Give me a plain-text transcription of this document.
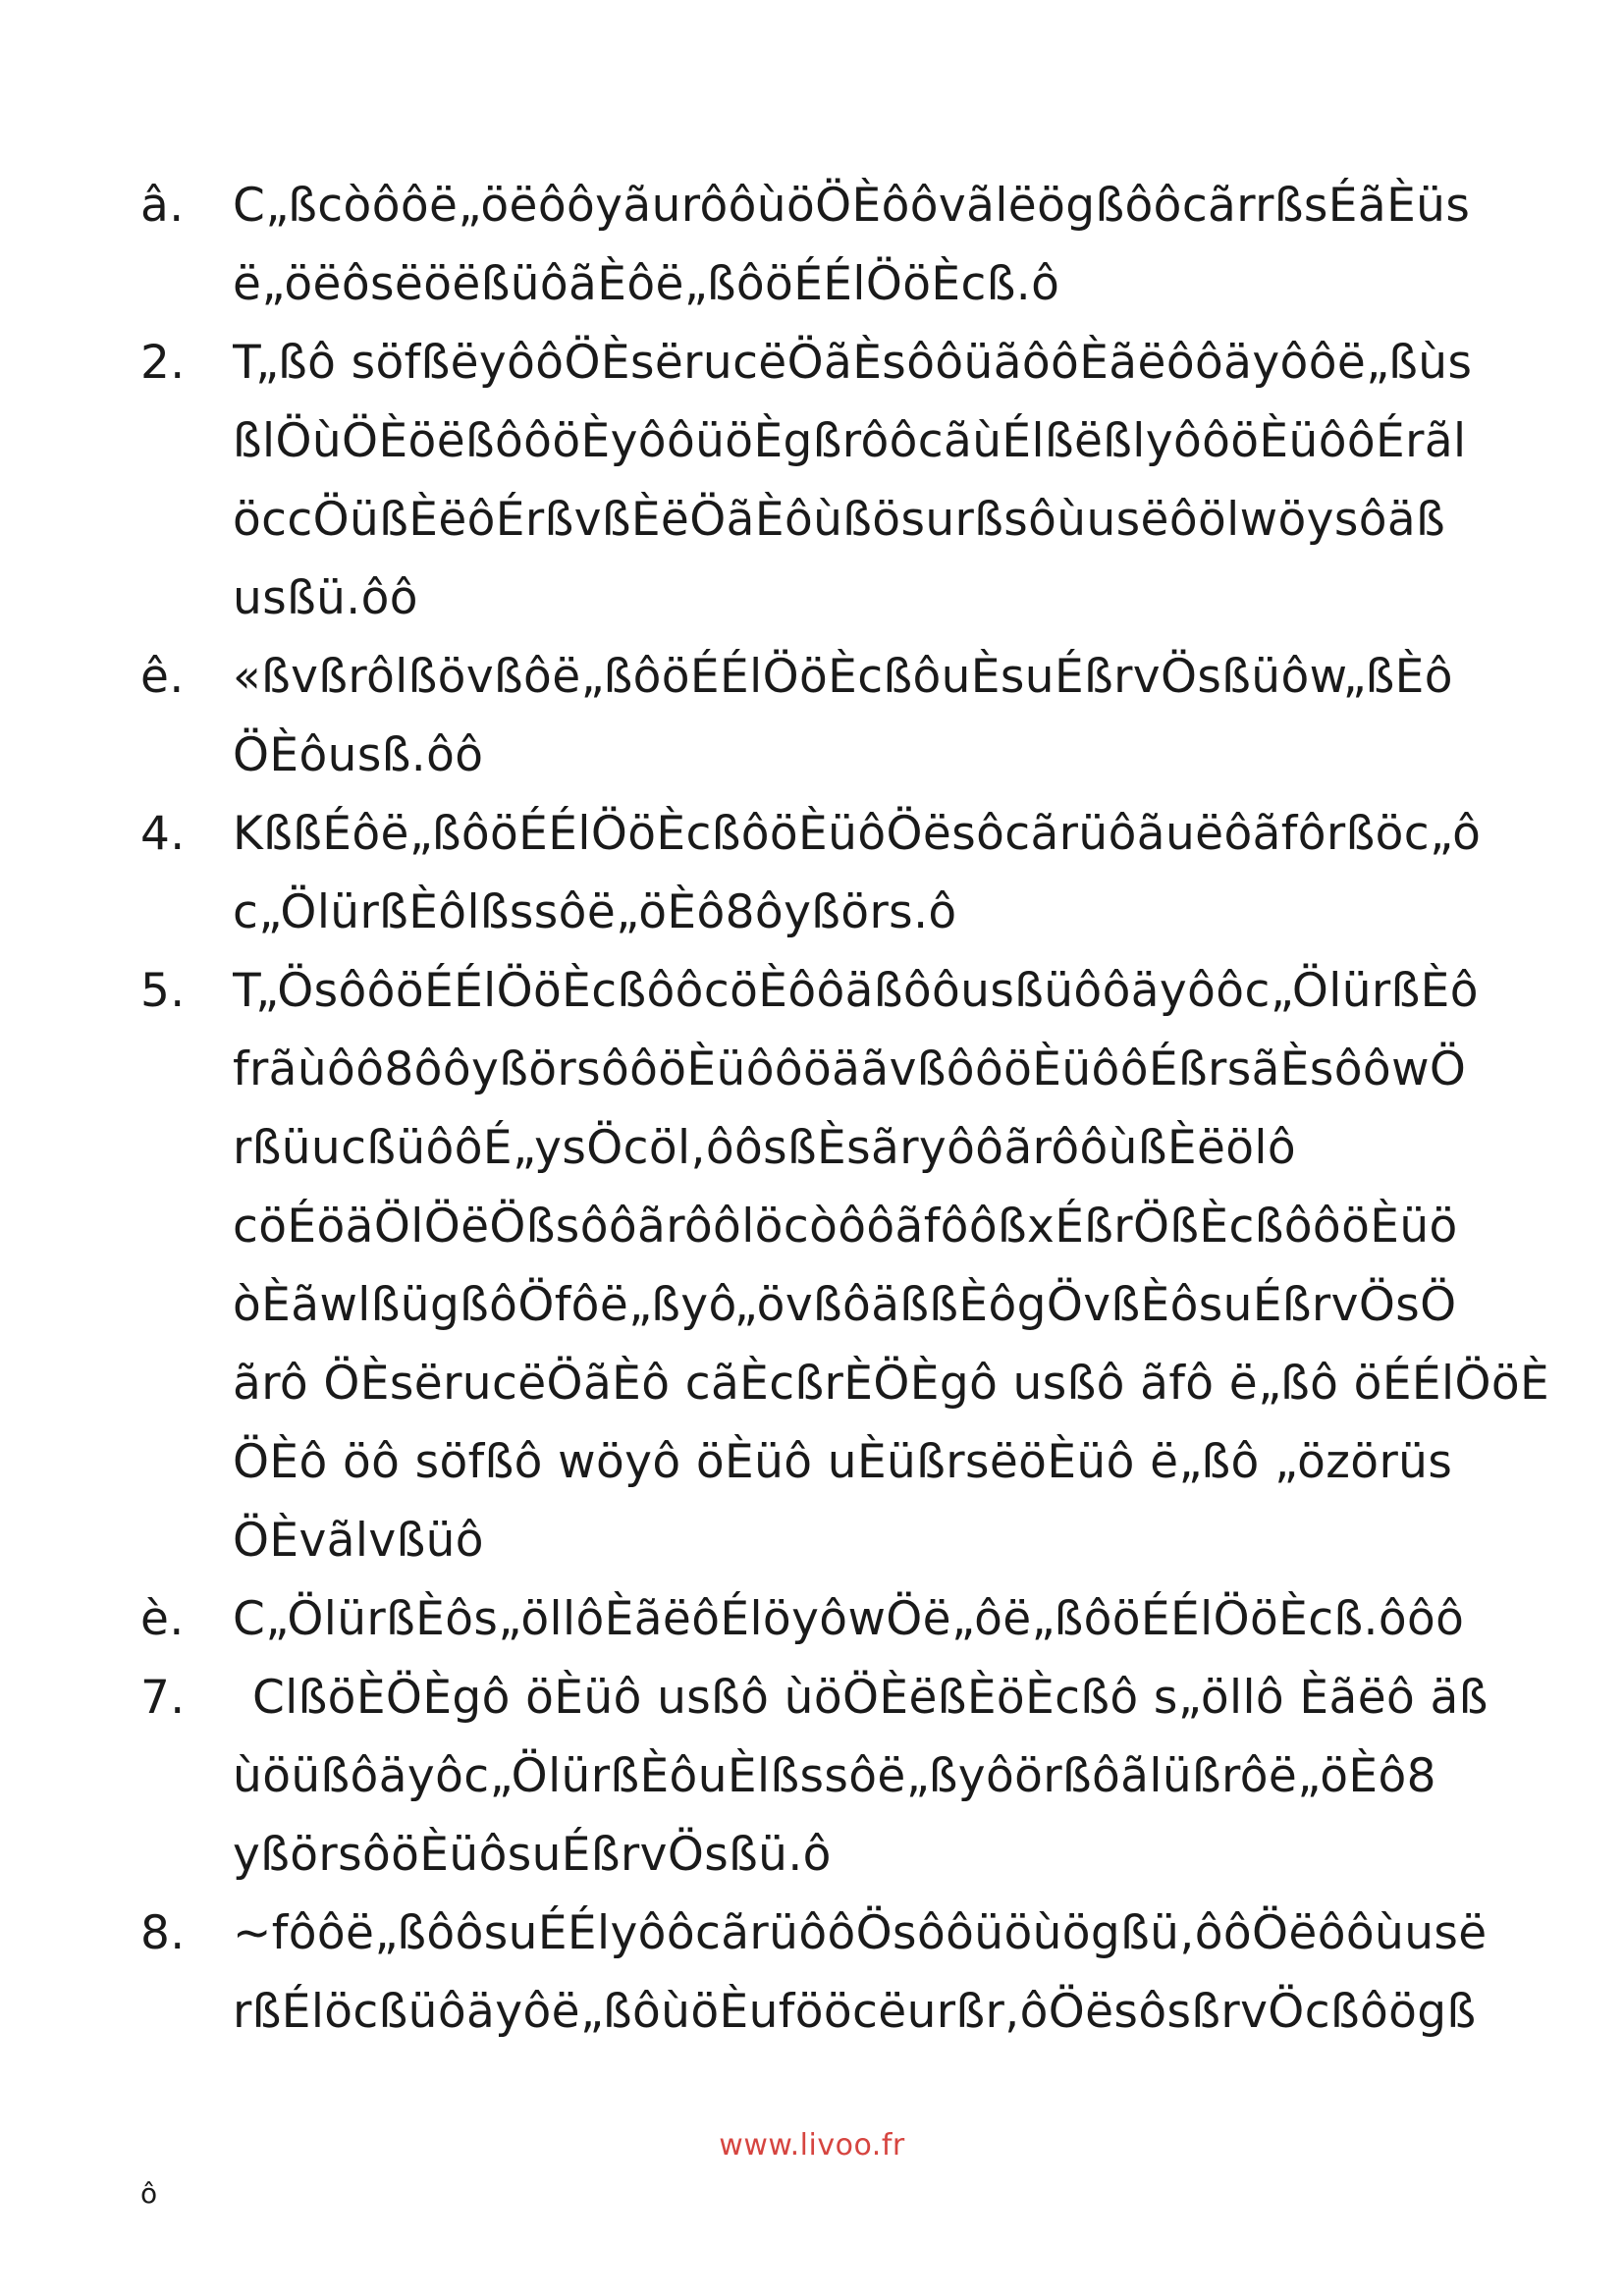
â. C„ßcòôôë„öëôôyãurôôùöÖÈôôvãlëögßôôcãrrßsÉãÈüs
ë„öëôsëöëßüôãÈôë„ßôöÉÉlÖöÈcß.ô
2. T„ßô söfßëyôôÖÈsërucëÖãÈsôôüãôôÈãëôôäyôôë„ßùs
ßlÖùÖÈöëßôôöÈyôôüöÈgßrôôcãùÉlßëßlyôôöÈüôôÉrãl
öccÖüßÈëôÉrßvßÈëÖãÈôùßösurßsôùusëôölwöysôäß
usßü.ôô
ê. «ßvßrôlßövßôë„ßôöÉÉlÖöÈcßôuÈsuÉßrvÖsßüôw„ßÈô
ÖÈôusß.ôô
4. KßßÉôë„ßôöÉÉlÖöÈcßôöÈüôÖësôcãrüôãuëôãfôrßöc„ô
c„ÖlürßÈôlßssôë„öÈô8ôyßörs.ô
5. T„ÖsôôöÉÉlÖöÈcßôôcöÈôôäßôôusßüôôäyôôc„ÖlürßÈô
frãùôô8ôôyßörsôôöÈüôôöäãvßôôöÈüôôÉßrsãÈsôôwÖ
rßüucßüôôÉ„ysÖcöl,ôôsßÈsãryôôãrôôùßÈëölô
cöÉöäÖlÖëÖßsôôãrôôlöcòôôãfôôßxÉßrÖßÈcßôôöÈüö
òÈãwlßügßôÖfôë„ßyô„övßôäßßÈôgÖvßÈôsuÉßrvÖsÖ
ãrô ÖÈsërucëÖãÈô cãÈcßrÈÖÈgô usßô ãfô ë„ßô öÉÉlÖöÈ
ÖÈô öô söfßô wöyô öÈüô uÈüßrsëöÈüô ë„ßô „özörüs
ÖÈvãlvßüô
è. C„ÖlürßÈôs„öllôÈãëôÉlöyôwÖë„ôë„ßôöÉÉlÖöÈcß.ôôô
7.	ClßöÈÖÈgô öÈüô usßô ùöÖÈëßÈöÈcßô s„öllô Èãëô äß
ùöüßôäyôc„ÖlürßÈôuÈlßssôë„ßyôörßôãlüßrôë„öÈô8
yßörsôöÈüôsuÉßrvÖsßü.ô
8. ~fôôë„ßôôsuÉÉlyôôcãrüôôÖsôôüöùögßü,ôôÖëôôùusë
rßÉlöcßüôäyôë„ßôùöÈufööcëurßr,ôÖësôsßrvÖcßôögß
www.livoo.fr
ô
